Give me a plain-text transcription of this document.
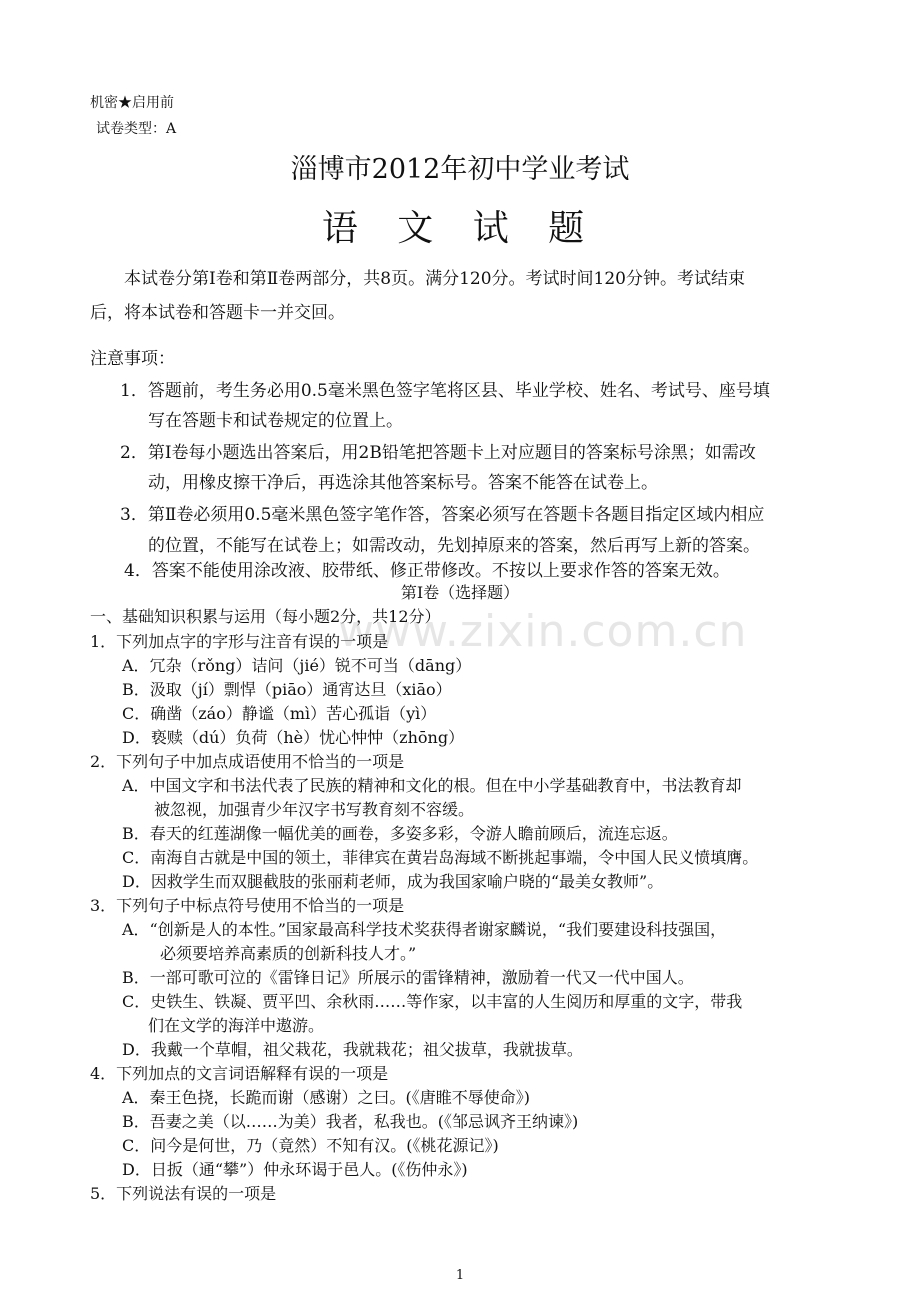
www.zixin.com.cn
机密★启用前
试卷类型：A
淄博市2012年初中学业考试
语 文 试 题
本试卷分第Ⅰ卷和第Ⅱ卷两部分，共8页。满分120分。考试时间120分钟。考试结束
后，将本试卷和答题卡一并交回。
注意事项：
1．答题前，考生务必用0.5毫米黑色签字笔将区县、毕业学校、姓名、考试号、座号填
写在答题卡和试卷规定的位置上。
2．第Ⅰ卷每小题选出答案后，用2B铅笔把答题卡上对应题目的答案标号涂黑；如需改
动，用橡皮擦干净后，再选涂其他答案标号。答案不能答在试卷上。
3．第Ⅱ卷必须用0.5毫米黑色签字笔作答，答案必须写在答题卡各题目指定区域内相应
的位置，不能写在试卷上；如需改动，先划掉原来的答案，然后再写上新的答案。
4．答案不能使用涂改液、胶带纸、修正带修改。不按以上要求作答的答案无效。
第Ⅰ卷（选择题）
一、基础知识积累与运用（每小题2分，共12分）
1．下列加点字的字形与注音有误的一项是
A．冗杂（rǒng）诘问（jié）锐不可当（dāng）
B．汲取（jí）剽悍（piāo）通宵达旦（xiāo）
C．确凿（záo）静谧（mì）苦心孤诣（yì）
D．亵赎（dú）负荷（hè）忧心忡忡（zhōng）
2．下列句子中加点成语使用不恰当的一项是
A．中国文字和书法代表了民族的精神和文化的根。但在中小学基础教育中，书法教育却
被忽视，加强青少年汉字书写教育刻不容缓。
B．春天的红莲湖像一幅优美的画卷，多姿多彩，令游人瞻前顾后，流连忘返。
C．南海自古就是中国的领土，菲律宾在黄岩岛海域不断挑起事端，令中国人民义愤填膺。
D．因救学生而双腿截肢的张丽莉老师，成为我国家喻户晓的“最美女教师”。
3．下列句子中标点符号使用不恰当的一项是
A．“创新是人的本性。”国家最高科学技术奖获得者谢家麟说，“我们要建设科技强国，
必须要培养高素质的创新科技人才。”
B．一部可歌可泣的《雷锋日记》所展示的雷锋精神，激励着一代又一代中国人。
C．史铁生、铁凝、贾平凹、余秋雨……等作家，以丰富的人生阅历和厚重的文字，带我
们在文学的海洋中遨游。
D．我戴一个草帽，祖父栽花，我就栽花；祖父拔草，我就拔草。
4．下列加点的文言词语解释有误的一项是
A．秦王色挠，长跪而谢（感谢）之曰。(《唐睢不辱使命》)
B．吾妻之美（以……为美）我者，私我也。(《邹忌讽齐王纳谏》)
C．问今是何世，乃（竟然）不知有汉。(《桃花源记》)
D．日扳（通“攀”）仲永环谒于邑人。(《伤仲永》)
5．下列说法有误的一项是
1
